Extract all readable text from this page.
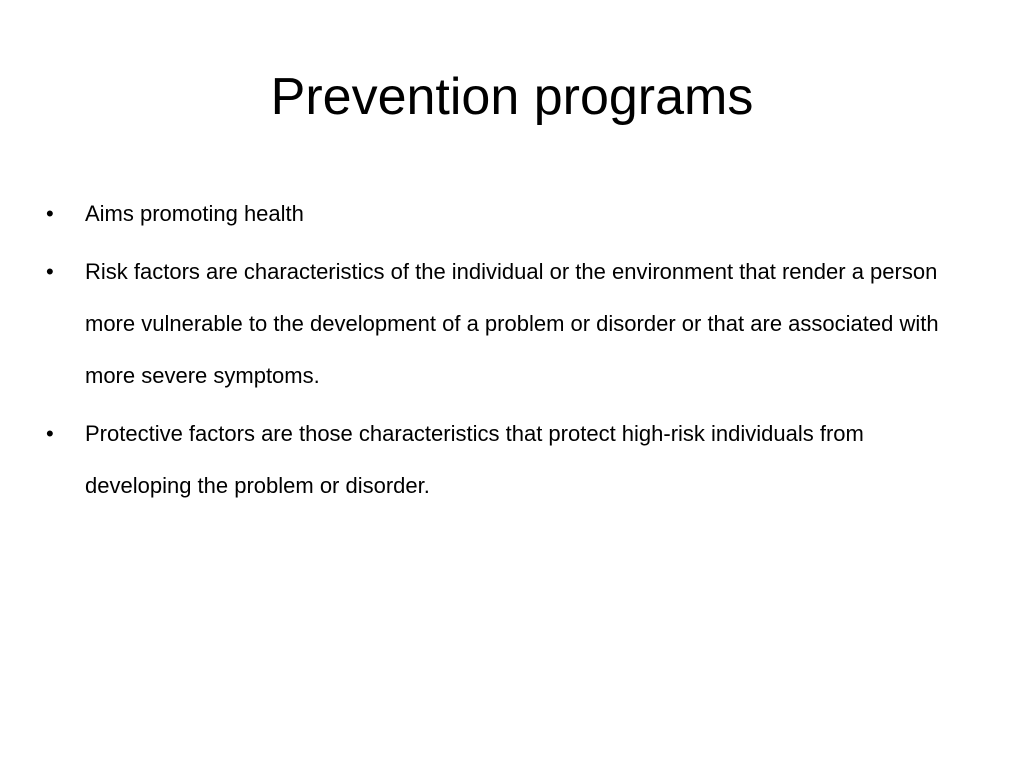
Prevention programs
•	Aims promoting health
•	Risk factors are characteristics of the individual or the environment that render a person more vulnerable to the development of a problem or disorder or that are associated with more severe symptoms.
•	Protective factors are those characteristics that protect high-risk individuals from developing the problem or disorder.
